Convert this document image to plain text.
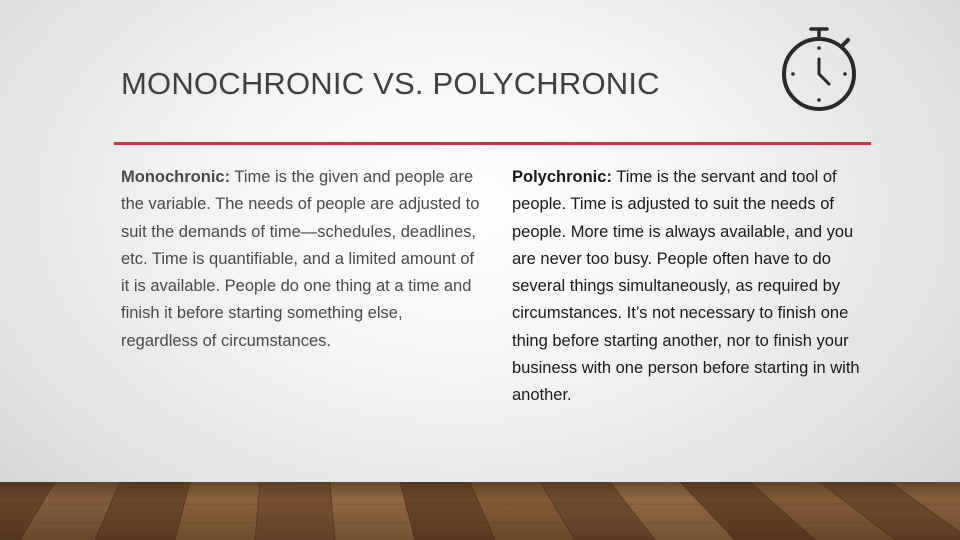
MONOCHRONIC VS. POLYCHRONIC

Monochronic: Time is the given and people are the variable. The needs of people are adjusted to suit the demands of time—schedules, deadlines, etc. Time is quantifiable, and a limited amount of it is available. People do one thing at a time and finish it before starting something else, regardless of circumstances.

Polychronic: Time is the servant and tool of people. Time is adjusted to suit the needs of people. More time is always available, and you are never too busy. People often have to do several things simultaneously, as required by circumstances. It’s not necessary to finish one thing before starting another, nor to finish your business with one person before starting in with another.
